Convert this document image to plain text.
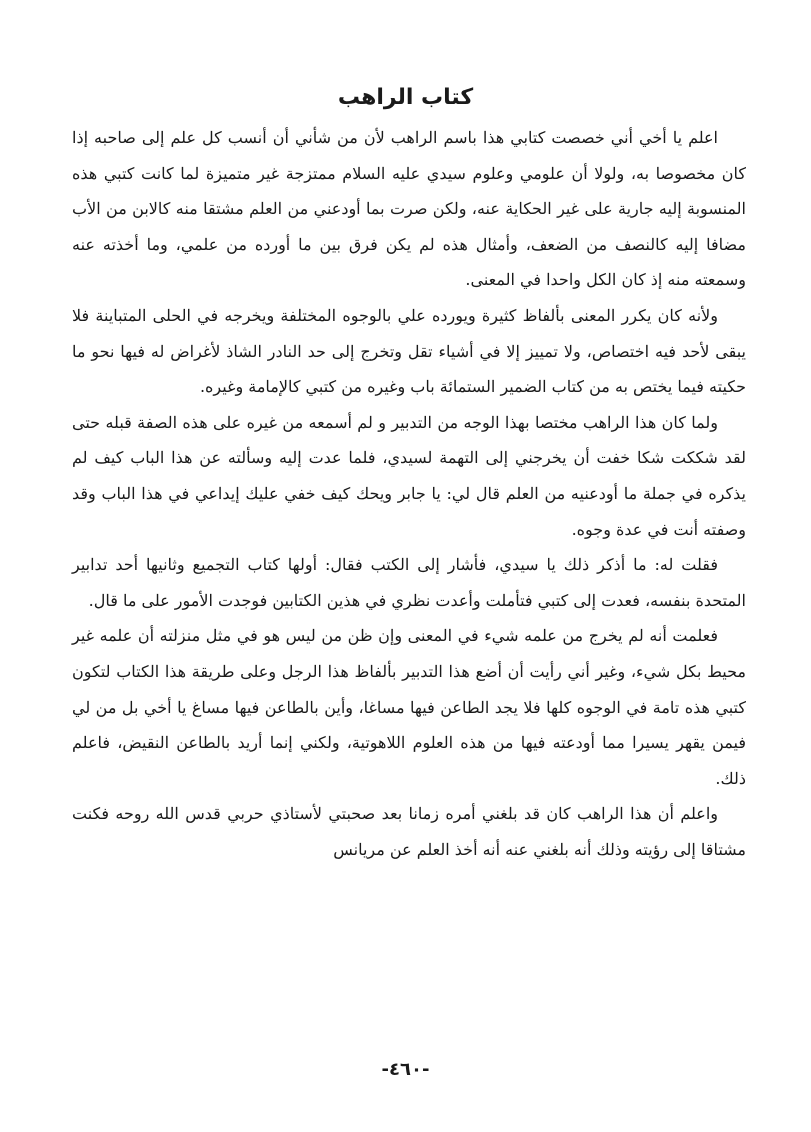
كتاب الراهب

اعلم يا أخي أني خصصت كتابي هذا باسم الراهب لأن من شأني أن أنسب كل علم إلى صاحبه إذا كان مخصوصا به، ولولا أن علومي وعلوم سيدي عليه السلام ممتزجة غير متميزة لما كانت كتبي هذه المنسوبة إليه جارية على غير الحكاية عنه، ولكن صرت بما أودعني من العلم مشتقا منه كالابن من الأب مضافا إليه كالنصف من الضعف، وأمثال هذه لم يكن فرق بين ما أورده من علمي، وما أخذته عنه وسمعته منه إذ كان الكل واحدا في المعنى.

ولأنه كان يكرر المعنى بألفاظ كثيرة ويورده علي بالوجوه المختلفة ويخرجه في الحلى المتباينة فلا يبقى لأحد فيه اختصاص، ولا تمييز إلا في أشياء تقل وتخرج إلى حد النادر الشاذ لأغراض له فيها نحو ما حكيته فيما يختص به من كتاب الضمير الستمائة باب وغيره من كتبي كالإمامة وغيره.

ولما كان هذا الراهب مختصا بهذا الوجه من التدبير و لم أسمعه من غيره على هذه الصفة قبله حتى لقد شككت شكا خفت أن يخرجني إلى التهمة لسيدي، فلما عدت إليه وسألته عن هذا الباب كيف لم يذكره في جملة ما أودعنيه من العلم قال لي: يا جابر ويحك كيف خفي عليك إيداعي في هذا الباب وقد وصفته أنت في عدة وجوه.

فقلت له: ما أذكر ذلك يا سيدي، فأشار إلى الكتب فقال: أولها كتاب التجميع وثانيها أحد تدابير المتحدة بنفسه، فعدت إلى كتبي فتأملت وأعدت نظري في هذين الكتابين فوجدت الأمور على ما قال.

فعلمت أنه لم يخرج من علمه شيء في المعنى وإن ظن من ليس هو في مثل منزلته أن علمه غير محيط بكل شيء، وغير أني رأيت أن أضع هذا التدبير بألفاظ هذا الرجل وعلى طريقة هذا الكتاب لتكون كتبي هذه تامة في الوجوه كلها فلا يجد الطاعن فيها مساغا، وأين بالطاعن فيها مساغ يا أخي بل من لي فيمن يقهر يسيرا مما أودعته فيها من هذه العلوم اللاهوتية، ولكني إنما أريد بالطاعن النقيض، فاعلم ذلك.

واعلم أن هذا الراهب كان قد بلغني أمره زمانا بعد صحبتي لأستاذي حربي قدس الله روحه فكنت مشتاقا إلى رؤيته وذلك أنه بلغني عنه أنه أخذ العلم عن مريانس

-٤٦٠-
